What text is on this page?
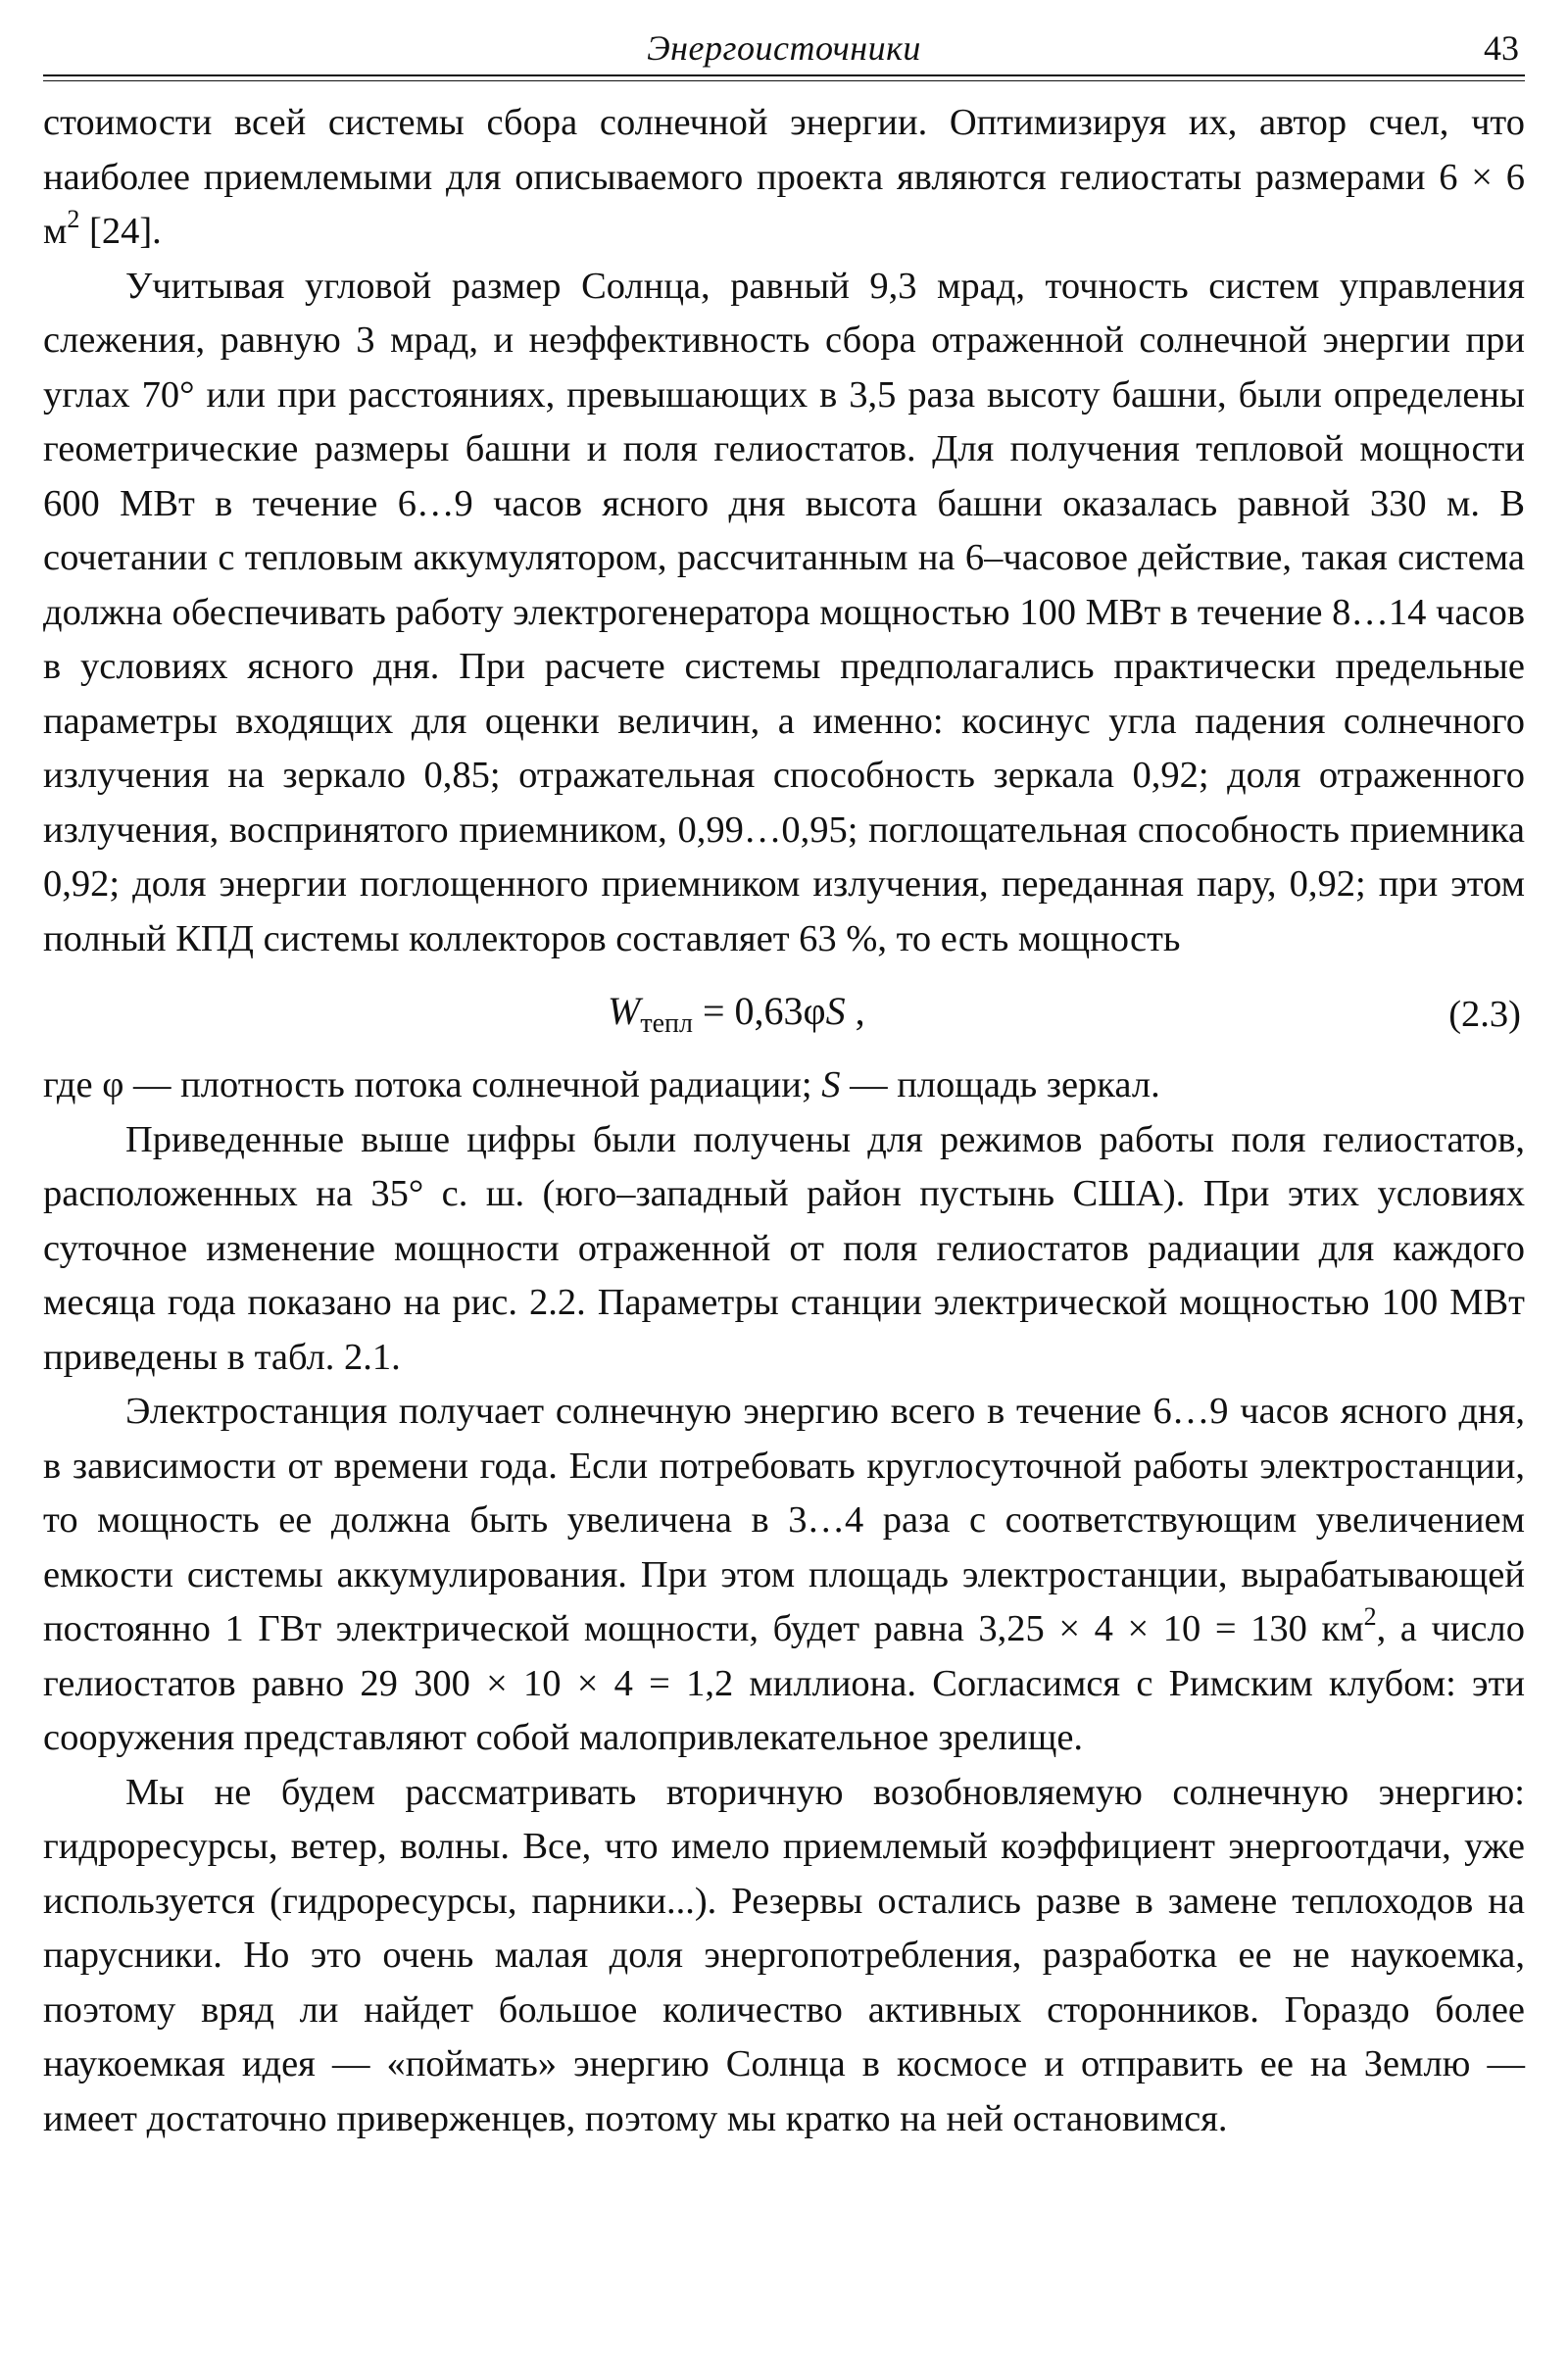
Энергоисточники	43

стоимости всей системы сбора солнечной энергии. Оптимизируя их, автор счел, что наиболее приемлемыми для описываемого проекта являются гелиостаты размерами 6 × 6 $м^2$ [24].

Учитывая угловой размер Солнца, равный 9,3 мрад, точность систем управления слежения, равную 3 мрад, и неэффективность сбора отраженной солнечной энергии при углах 70° или при расстояниях, превышающих в 3,5 раза высоту башни, были определены геометрические размеры башни и поля гелиостатов. Для получения тепловой мощности 600 МВт в течение 6…9 часов ясного дня высота башни оказалась равной 330 м. В сочетании с тепловым аккумулятором, рассчитанным на 6–часовое действие, такая система должна обеспечивать работу электрогенератора мощностью 100 МВт в течение 8…14 часов в условиях ясного дня. При расчете системы предполагались практически предельные параметры входящих для оценки величин, а именно: косинус угла падения солнечного излучения на зеркало 0,85; отражательная способность зеркала 0,92; доля отраженного излучения, воспринятого приемником, 0,99…0,95; поглощательная способность приемника 0,92; доля энергии поглощенного приемником излучения, переданная пару, 0,92; при этом полный КПД системы коллекторов составляет 63 %, то есть мощность

$W_{тепл} = 0,63\varphi S$ ,	(2.3)

где φ — плотность потока солнечной радиации; S — площадь зеркал.

Приведенные выше цифры были получены для режимов работы поля гелиостатов, расположенных на 35° с. ш. (юго–западный район пустынь США). При этих условиях суточное изменение мощности отраженной от поля гелиостатов радиации для каждого месяца года показано на рис. 2.2. Параметры станции электрической мощностью 100 МВт приведены в табл. 2.1.

Электростанция получает солнечную энергию всего в течение 6…9 часов ясного дня, в зависимости от времени года. Если потребовать круглосуточной работы электростанции, то мощность ее должна быть увеличена в 3…4 раза с соответствующим увеличением емкости системы аккумулирования. При этом площадь электростанции, вырабатывающей постоянно 1 ГВт электрической мощности, будет равна 3,25 × 4 × 10 = 130 $км^2$, а число гелиостатов равно 29 300 × 10 × 4 = 1,2 миллиона. Согласимся с Римским клубом: эти сооружения представляют собой малопривлекательное зрелище.

Мы не будем рассматривать вторичную возобновляемую солнечную энергию: гидроресурсы, ветер, волны. Все, что имело приемлемый коэффициент энергоотдачи, уже используется (гидроресурсы, парники...). Резервы остались разве в замене теплоходов на парусники. Но это очень малая доля энергопотребления, разработка ее не наукоемка, поэтому вряд ли найдет большое количество активных сторонников. Гораздо более наукоемкая идея — «поймать» энергию Солнца в космосе и отправить ее на Землю — имеет достаточно приверженцев, поэтому мы кратко на ней остановимся.
